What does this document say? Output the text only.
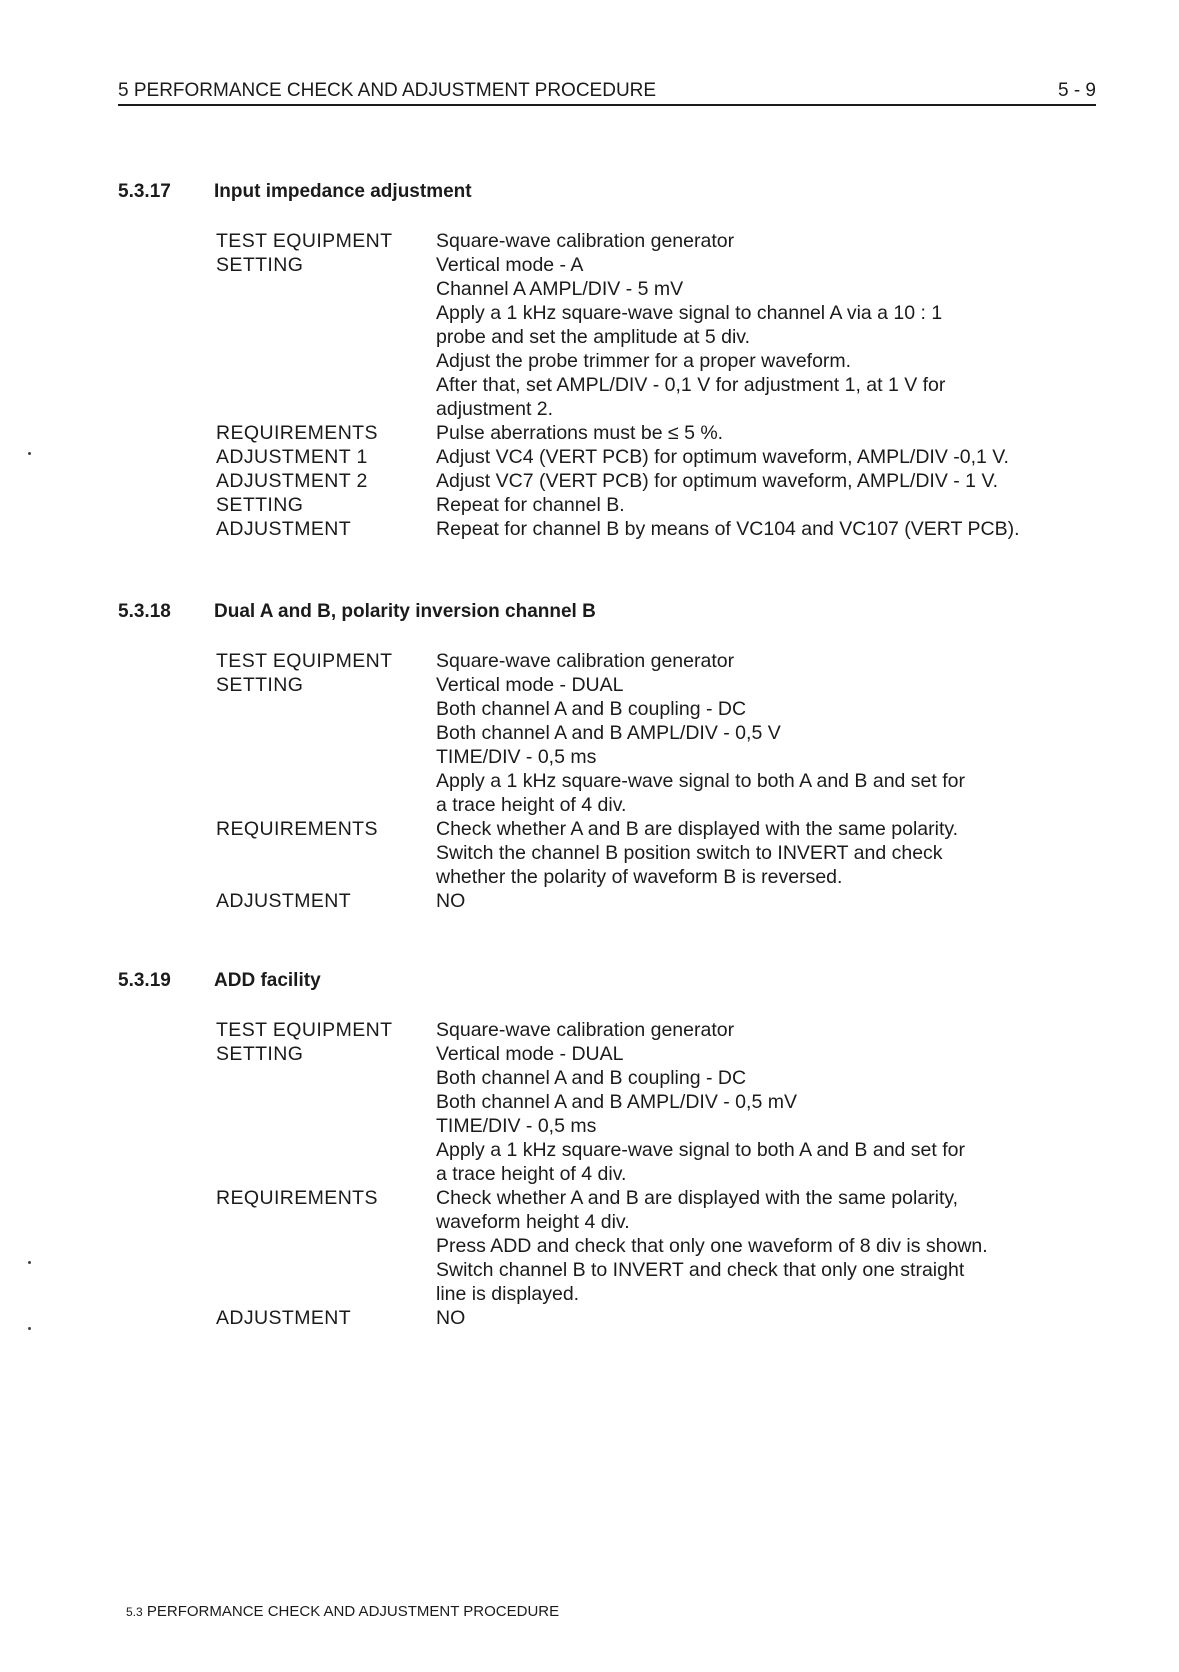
5 PERFORMANCE CHECK AND ADJUSTMENT PROCEDURE	5 - 9
5.3.17 Input impedance adjustment
TEST EQUIPMENT	Square-wave calibration generator
SETTING	Vertical mode - A
Channel A AMPL/DIV - 5 mV
Apply a 1 kHz square-wave signal to channel A via a 10 : 1
probe and set the amplitude at 5 div.
Adjust the probe trimmer for a proper waveform.
After that, set AMPL/DIV - 0,1 V for adjustment 1, at 1 V for
adjustment 2.
REQUIREMENTS	Pulse aberrations must be ≤ 5 %.
ADJUSTMENT 1	Adjust VC4 (VERT PCB) for optimum waveform, AMPL/DIV -0,1 V.
ADJUSTMENT 2	Adjust VC7 (VERT PCB) for optimum waveform, AMPL/DIV - 1 V.
SETTING	Repeat for channel B.
ADJUSTMENT	Repeat for channel B by means of VC104 and VC107 (VERT PCB).
5.3.18 Dual A and B, polarity inversion channel B
TEST EQUIPMENT	Square-wave calibration generator
SETTING	Vertical mode - DUAL
Both channel A and B coupling - DC
Both channel A and B AMPL/DIV - 0,5 V
TIME/DIV - 0,5 ms
Apply a 1 kHz square-wave signal to both A and B and set for
a trace height of 4 div.
REQUIREMENTS	Check whether A and B are displayed with the same polarity.
Switch the channel B position switch to INVERT and check
whether the polarity of waveform B is reversed.
ADJUSTMENT	NO
5.3.19 ADD facility
TEST EQUIPMENT	Square-wave calibration generator
SETTING	Vertical mode - DUAL
Both channel A and B coupling - DC
Both channel A and B AMPL/DIV - 0,5 mV
TIME/DIV - 0,5 ms
Apply a 1 kHz square-wave signal to both A and B and set for
a trace height of 4 div.
REQUIREMENTS	Check whether A and B are displayed with the same polarity,
waveform height 4 div.
Press ADD and check that only one waveform of 8 div is shown.
Switch channel B to INVERT and check that only one straight
line is displayed.
ADJUSTMENT	NO
5.3 PERFORMANCE CHECK AND ADJUSTMENT PROCEDURE
